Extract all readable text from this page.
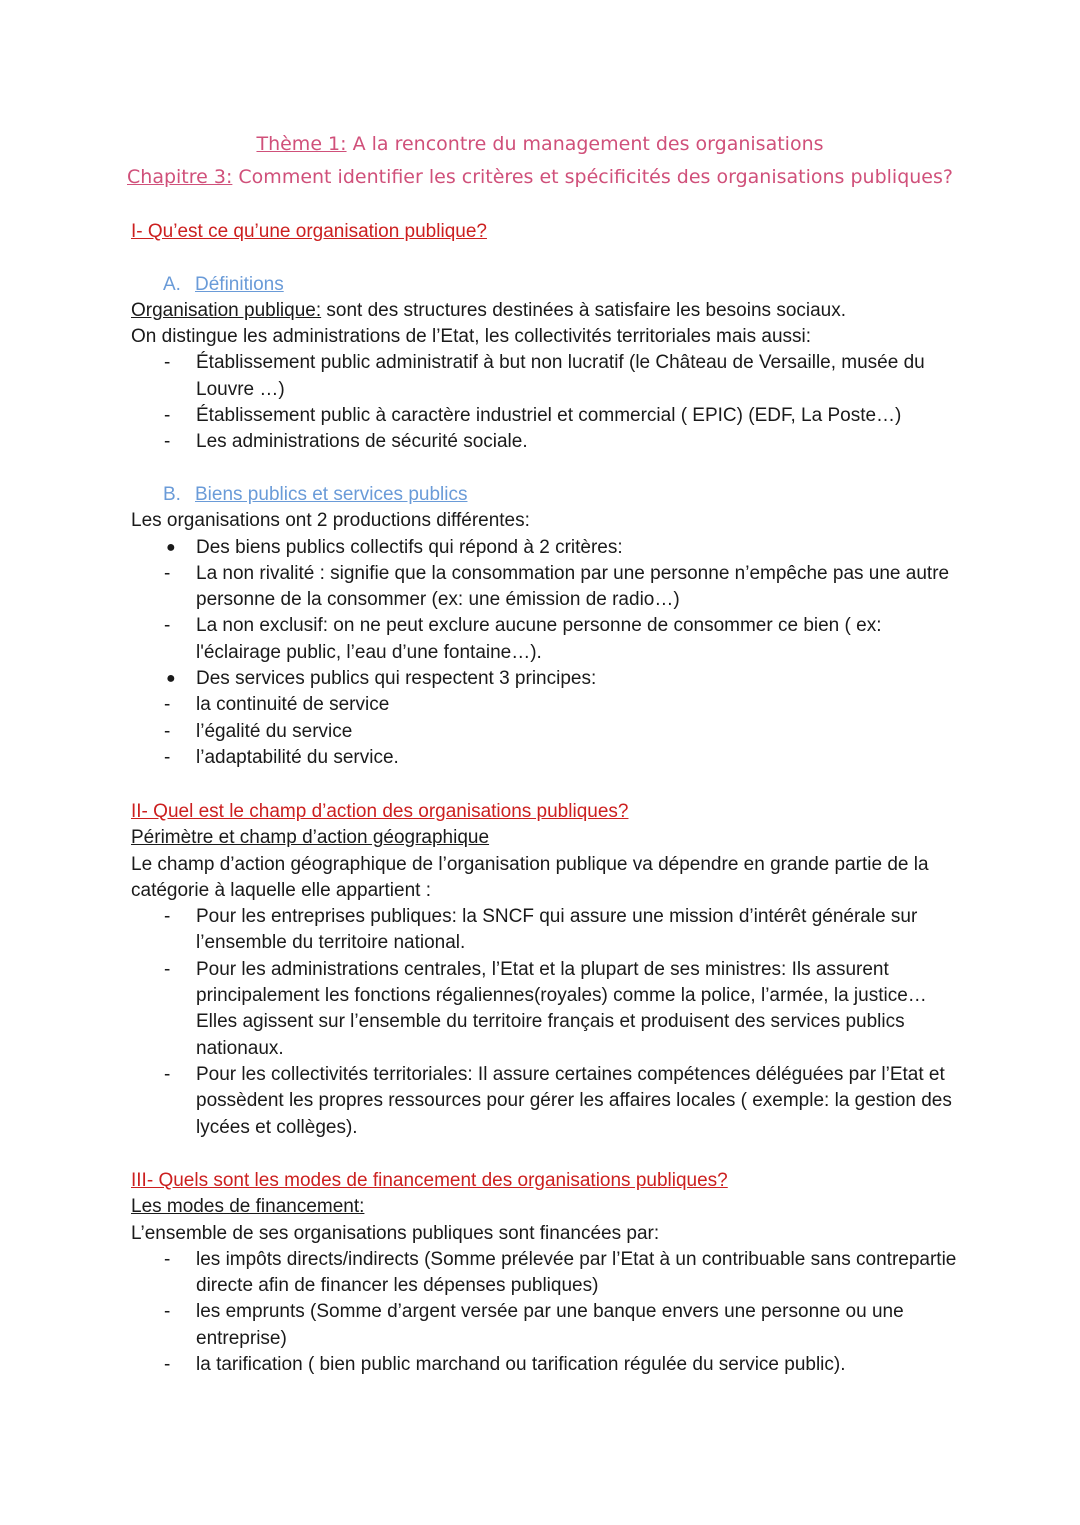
Thème 1: A la rencontre du management des organisations
Chapitre 3: Comment identifier les critères et spécificités des organisations publiques?
I- Qu’est ce qu’une organisation publique?
A. Définitions
Organisation publique: sont des structures destinées à satisfaire les besoins sociaux.
On distingue les administrations de l’Etat, les collectivités territoriales mais aussi:
- Établissement public administratif à but non lucratif (le Château de Versaille, musée du Louvre …)
- Établissement public à caractère industriel et commercial ( EPIC) (EDF, La Poste…)
- Les administrations de sécurité sociale.
B. Biens publics et services publics
Les organisations ont 2 productions différentes:
● Des biens publics collectifs qui répond à 2 critères:
- La non rivalité : signifie que la consommation par une personne n’empêche pas une autre personne de la consommer (ex: une émission de radio…)
- La non exclusif: on ne peut exclure aucune personne de consommer ce bien ( ex: l'éclairage public, l’eau d’une fontaine…).
● Des services publics qui respectent 3 principes:
- la continuité de service
- l’égalité du service
- l’adaptabilité du service.
II- Quel est le champ d’action des organisations publiques?
Périmètre et champ d’action géographique
Le champ d’action géographique de l’organisation publique va dépendre en grande partie de la catégorie à laquelle elle appartient :
- Pour les entreprises publiques: la SNCF qui assure une mission d’intérêt générale sur l’ensemble du territoire national.
- Pour les administrations centrales, l’Etat et la plupart de ses ministres: Ils assurent principalement les fonctions régaliennes(royales) comme la police, l’armée, la justice… Elles agissent sur l’ensemble du territoire français et produisent des services publics nationaux.
- Pour les collectivités territoriales: Il assure certaines compétences déléguées par l’Etat et possèdent les propres ressources pour gérer les affaires locales ( exemple: la gestion des lycées et collèges).
III- Quels sont les modes de financement des organisations publiques?
Les modes de financement:
L’ensemble de ses organisations publiques sont financées par:
- les impôts directs/indirects (Somme prélevée par l’Etat à un contribuable sans contrepartie directe afin de financer les dépenses publiques)
- les emprunts (Somme d’argent versée par une banque envers une personne ou une entreprise)
- la tarification ( bien public marchand ou tarification régulée du service public).
